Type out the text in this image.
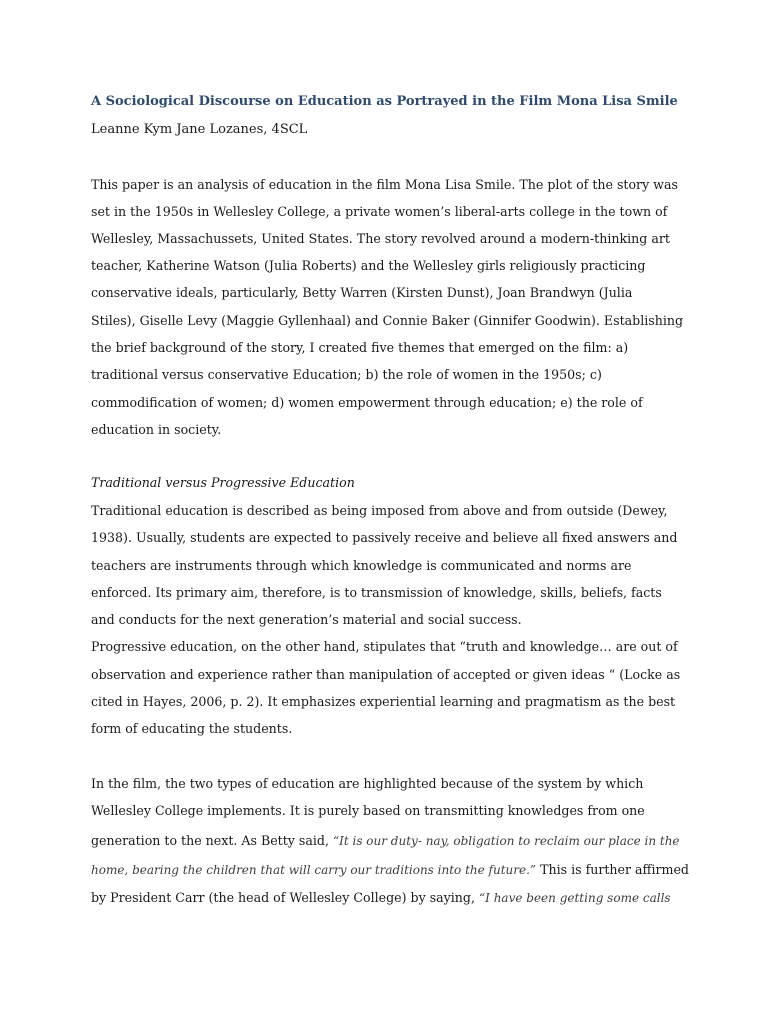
A Sociological Discourse on Education as Portrayed in the Film Mona Lisa Smile

Leanne Kym Jane Lozanes, 4SCL

This paper is an analysis of education in the film Mona Lisa Smile. The plot of the story was

set in the 1950s in Wellesley College, a private women’s liberal-arts college in the town of

Wellesley, Massachussets, United States. The story revolved around a modern-thinking art

teacher, Katherine Watson (Julia Roberts) and the Wellesley girls religiously practicing

conservative ideals, particularly, Betty Warren (Kirsten Dunst), Joan Brandwyn (Julia

Stiles), Giselle Levy (Maggie Gyllenhaal) and Connie Baker (Ginnifer Goodwin). Establishing

the brief background of the story, I created five themes that emerged on the film: a)

traditional versus conservative Education; b) the role of women in the 1950s; c)

commodification of women; d) women empowerment through education; e) the role of

education in society.

Traditional versus Progressive Education

Traditional education is described as being imposed from above and from outside (Dewey,

1938). Usually, students are expected to passively receive and believe all fixed answers and

teachers are instruments through which knowledge is communicated and norms are

enforced. Its primary aim, therefore, is to transmission of knowledge, skills, beliefs, facts

and conducts for the next generation’s material and social success.

Progressive education, on the other hand, stipulates that “truth and knowledge… are out of

observation and experience rather than manipulation of accepted or given ideas “ (Locke as

cited in Hayes, 2006, p. 2). It emphasizes experiential learning and pragmatism as the best

form of educating the students.

In the film, the two types of education are highlighted because of the system by which

Wellesley College implements. It is purely based on transmitting knowledges from one

generation to the next. As Betty said, “It is our duty- nay, obligation to reclaim our place in the

home, bearing the children that will carry our traditions into the future.” This is further affirmed

by President Carr (the head of Wellesley College) by saying, “I have been getting some calls
